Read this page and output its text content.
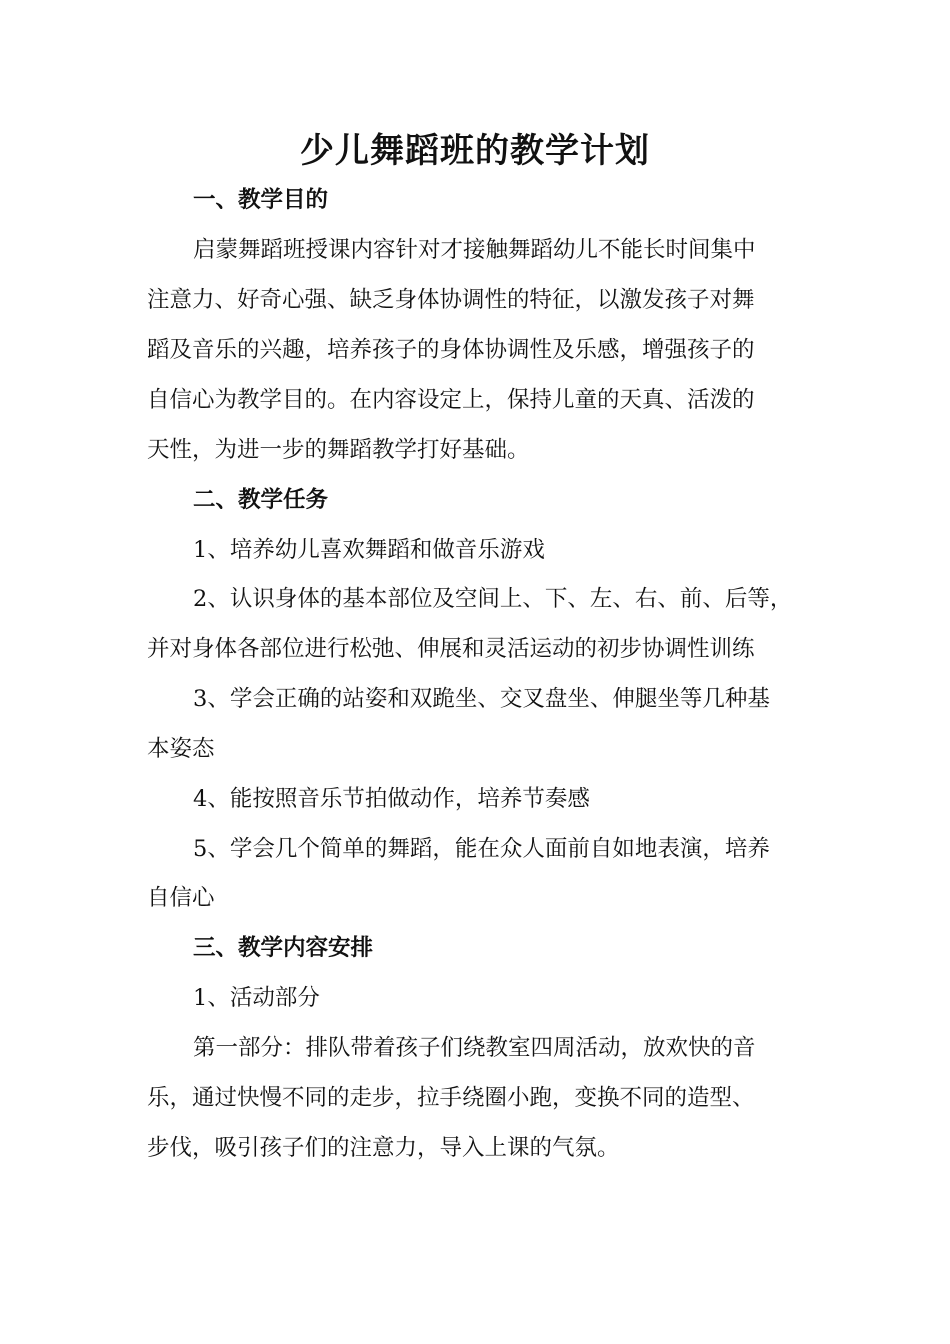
少儿舞蹈班的教学计划
一、教学目的
启蒙舞蹈班授课内容针对才接触舞蹈幼儿不能长时间集中
注意力、好奇心强、缺乏身体协调性的特征，以激发孩子对舞
蹈及音乐的兴趣，培养孩子的身体协调性及乐感，增强孩子的
自信心为教学目的。在内容设定上，保持儿童的天真、活泼的
天性，为进一步的舞蹈教学打好基础。
二、教学任务
1、培养幼儿喜欢舞蹈和做音乐游戏
2、认识身体的基本部位及空间上、下、左、右、前、后等，
并对身体各部位进行松弛、伸展和灵活运动的初步协调性训练
3、学会正确的站姿和双跪坐、交叉盘坐、伸腿坐等几种基
本姿态
4、能按照音乐节拍做动作，培养节奏感
5、学会几个简单的舞蹈，能在众人面前自如地表演，培养
自信心
三、教学内容安排
1、活动部分
第一部分：排队带着孩子们绕教室四周活动，放欢快的音
乐，通过快慢不同的走步，拉手绕圈小跑，变换不同的造型、
步伐，吸引孩子们的注意力，导入上课的气氛。
